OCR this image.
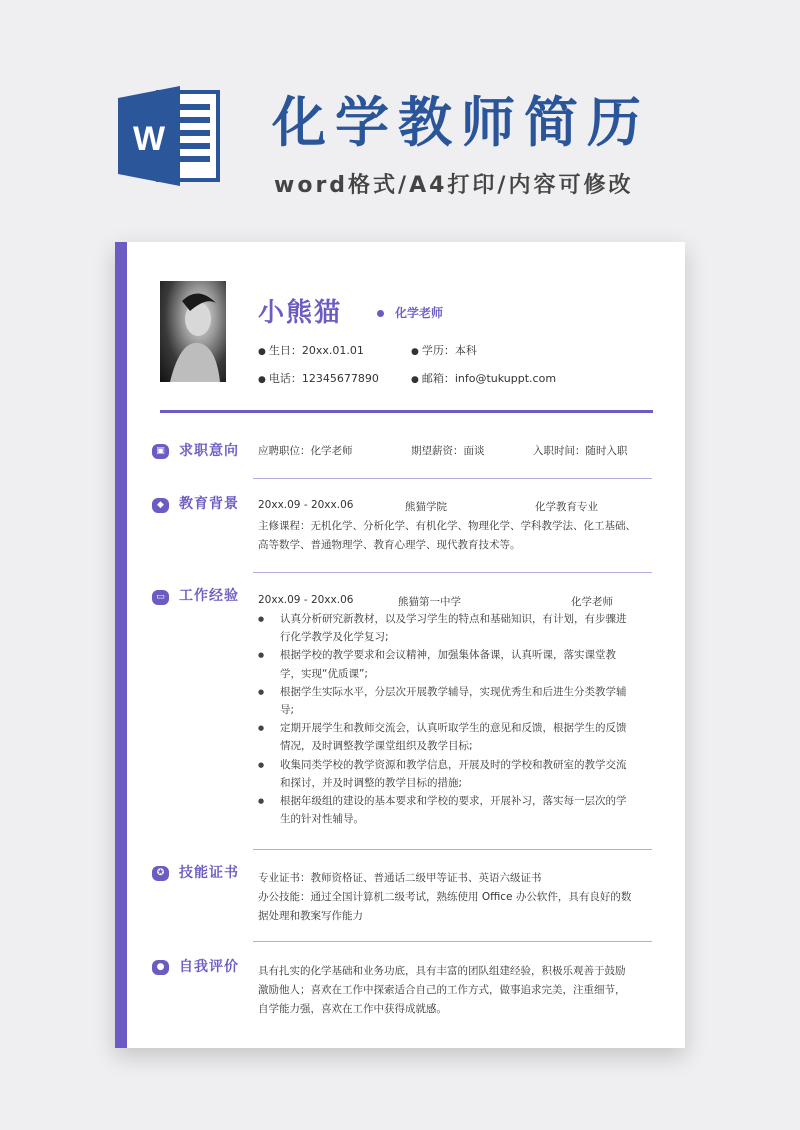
W 化学教师简历
word格式/A4打印/内容可修改
小熊猫	化学老师
● 生日：20xx.01.01	● 学历：本科
● 电话：12345677890	● 邮箱：info@tukuppt.com
▣	求职意向 应聘职位：化学老师	期望薪资：面谈	入职时间：随时入职
◆	教育背景 20xx.09 - 20xx.06	熊猫学院	化学教育专业
主修课程：无机化学、分析化学、有机化学、物理化学、学科教学法、化工基础、
高等数学、普通物理学、教育心理学、现代教育技术等。
▭	工作经验 20xx.09 - 20xx.06	熊猫第一中学	化学老师
● 认真分析研究新教材，以及学习学生的特点和基础知识，有计划，有步骤进行化学教学及化学复习;
● 根据学校的教学要求和会议精神，加强集体备课，认真听课，落实课堂教学，实现“优质课”;
● 根据学生实际水平，分层次开展教学辅导，实现优秀生和后进生分类教学辅导;
● 定期开展学生和教师交流会，认真听取学生的意见和反馈，根据学生的反馈情况，及时调整教学课堂组织及教学目标;
● 收集同类学校的教学资源和教学信息，开展及时的学校和教研室的教学交流和探讨，并及时调整的教学目标的措施;
● 根据年级组的建设的基本要求和学校的要求，开展补习，落实每一层次的学生的针对性辅导。
✪	技能证书 专业证书：教师资格证、普通话二级甲等证书、英语六级证书
办公技能：通过全国计算机二级考试，熟练使用 Office 办公软件，具有良好的数
据处理和教案写作能力
●	自我评价 具有扎实的化学基础和业务功底，具有丰富的团队组建经验，积极乐观善于鼓励
激励他人；喜欢在工作中探索适合自己的工作方式，做事追求完美，注重细节，
自学能力强，喜欢在工作中获得成就感。
